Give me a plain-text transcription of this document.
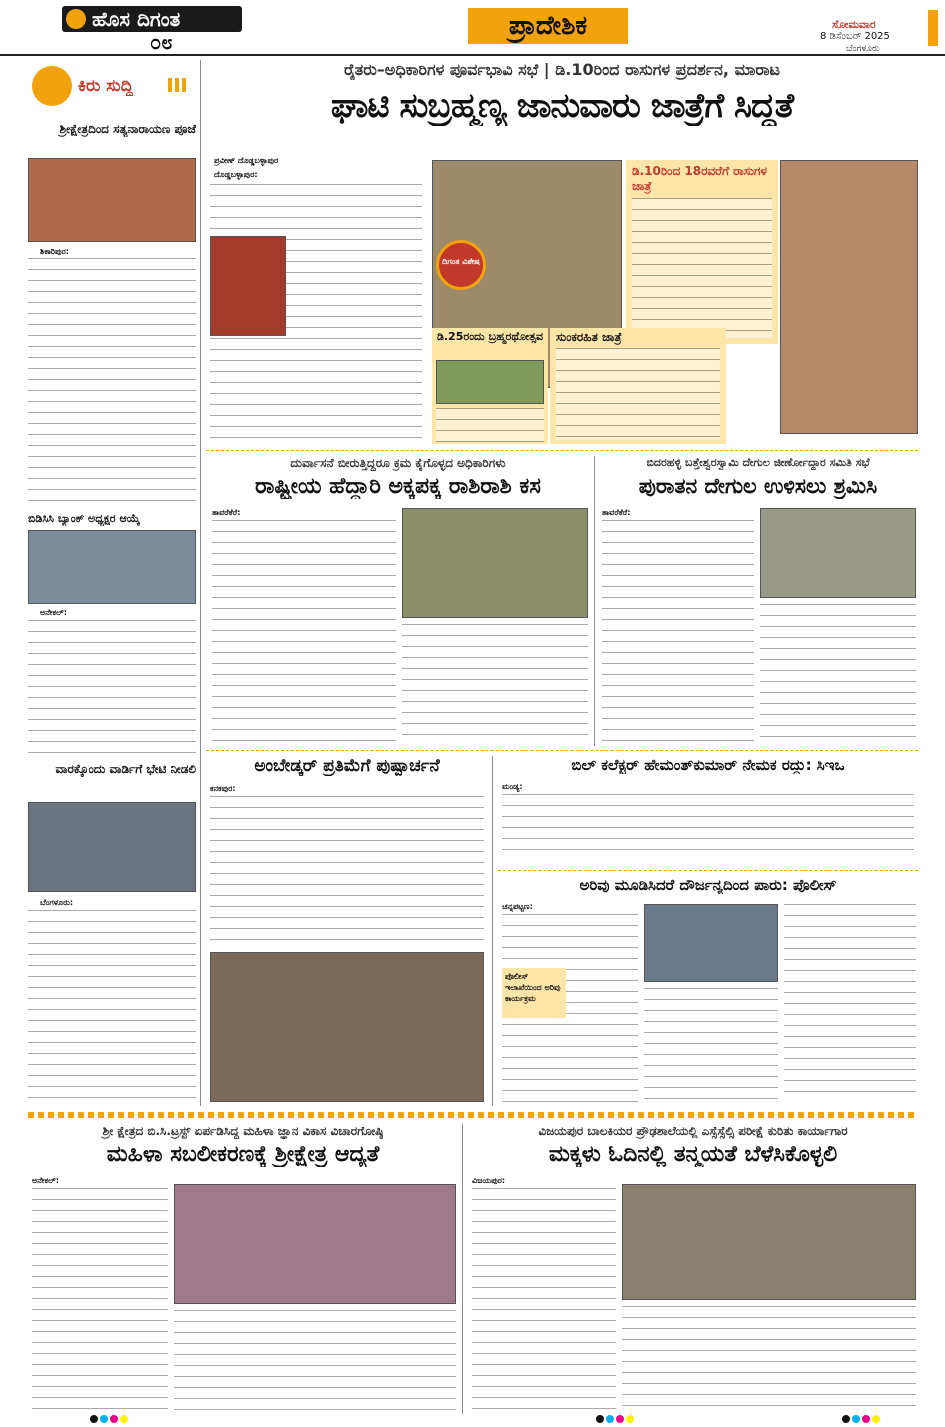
ಹೊಸ ದಿಗಂತ

೦೮
ಪ್ರಾದೇಶಿಕ	ಸೋಮವಾರ
8 ಡಿಸೆಂಬರ್ 2025
ಬೆಂಗಳೂರು
ಕಿರು ಸುದ್ದಿ
ಶ್ರೀಕ್ಷೇತ್ರದಿಂದ ಸತ್ಯನಾರಾಯಣ ಪೂಜೆ
ಶಿಕಾರಿಪುರ:
ಬಿಡಿಸಿಸಿ ಬ್ಯಾಂಕ್ ಅಧ್ಯಕ್ಷರ ಆಯ್ಕೆ
ಅನೇಕಲ್:
ವಾರಕ್ಕೊಂದು ವಾರ್ಡಿಗೆ ಭೇಟಿ ನೀಡಲಿ
ಬೆಂಗಳೂರು:
ರೈತರು–ಅಧಿಕಾರಿಗಳ ಪೂರ್ವಭಾವಿ ಸಭೆ | ಡಿ.10ರಿಂದ ರಾಸುಗಳ ಪ್ರದರ್ಶನ, ಮಾರಾಟ
ಘಾಟಿ ಸುಬ್ರಹ್ಮಣ್ಯ ಜಾನುವಾರು ಜಾತ್ರೆಗೆ ಸಿದ್ಧತೆ
ಪ್ರವೀಣ್ ದೊಡ್ಡಬಳ್ಳಾಪುರ
ದೊಡ್ಡಬಳ್ಳಾಪುರ:
ದಿಗಂತ ವಿಶೇಷ
ಡಿ.10ರಿಂದ 18ರವರೆಗೆ ರಾಸುಗಳ ಜಾತ್ರೆ
ಡಿ.25ರಂದು ಬ್ರಹ್ಮರಥೋತ್ಸವ ಸುಂಕರಹಿತ ಜಾತ್ರೆ
ದುರ್ವಾಸನೆ ಬೀರುತ್ತಿದ್ದರೂ ಕ್ರಮ ಕೈಗೊಳ್ಳದ ಅಧಿಕಾರಿಗಳು
ರಾಷ್ಟ್ರೀಯ ಹೆದ್ದಾರಿ ಅಕ್ಕಪಕ್ಕ ರಾಶಿರಾಶಿ ಕಸ
ತಾವರೆಕೆರೆ:
ಬಿದರಹಳ್ಳಿ ಬತ್ತೇಶ್ವರಸ್ವಾಮಿ ದೇಗುಲ ಜೀರ್ಣೋದ್ಧಾರ ಸಮಿತಿ ಸಭೆ
ಪುರಾತನ ದೇಗುಲ ಉಳಿಸಲು ಶ್ರಮಿಸಿ
ತಾವರೆಕೆರೆ:
ಅಂಬೇಡ್ಕರ್ ಪ್ರತಿಮೆಗೆ ಪುಷ್ಪಾರ್ಚನೆ
ಕನಕಪುರ:
ಬಿಲ್ ಕಲೆಕ್ಟರ್ ಹೇಮಂತ್‌ಕುಮಾರ್ ನೇಮಕ ರದ್ದು: ಸಿಇಒ
ಮಂಡ್ಯ:
ಅರಿವು ಮೂಡಿಸಿದರೆ ದೌರ್ಜನ್ಯದಿಂದ ಪಾರು: ಪೊಲೀಸ್
ಚನ್ನಪಟ್ಟಣ:
ಪೊಲೀಸ್ ಇಲಾಖೆಯಿಂದ ಅರಿವು ಕಾರ್ಯಕ್ರಮ
ಶ್ರೀ ಕ್ಷೇತ್ರದ ಬಿ.ಸಿ.ಟ್ರಸ್ಟ್ ಏರ್ಪಡಿಸಿದ್ದ ಮಹಿಳಾ ಜ್ಞಾನ ವಿಕಾಸ ವಿಚಾರಗೋಷ್ಠಿ
ಮಹಿಳಾ ಸಬಲೀಕರಣಕ್ಕೆ ಶ್ರೀಕ್ಷೇತ್ರ ಆದ್ಯತೆ
ಅನೇಕಲ್:
ವಿಜಯಪುರ ಬಾಲಕಿಯರ ಪ್ರೌಢಶಾಲೆಯಲ್ಲಿ ಎಸ್ಸೆಸ್ಸೆಲ್ಸಿ ಪರೀಕ್ಷೆ ಕುರಿತು ಕಾರ್ಯಾಗಾರ
ಮಕ್ಕಳು ಓದಿನಲ್ಲಿ ತನ್ಮಯತೆ ಬೆಳೆಸಿಕೊಳ್ಳಲಿ
ವಿಜಯಪುರ:
